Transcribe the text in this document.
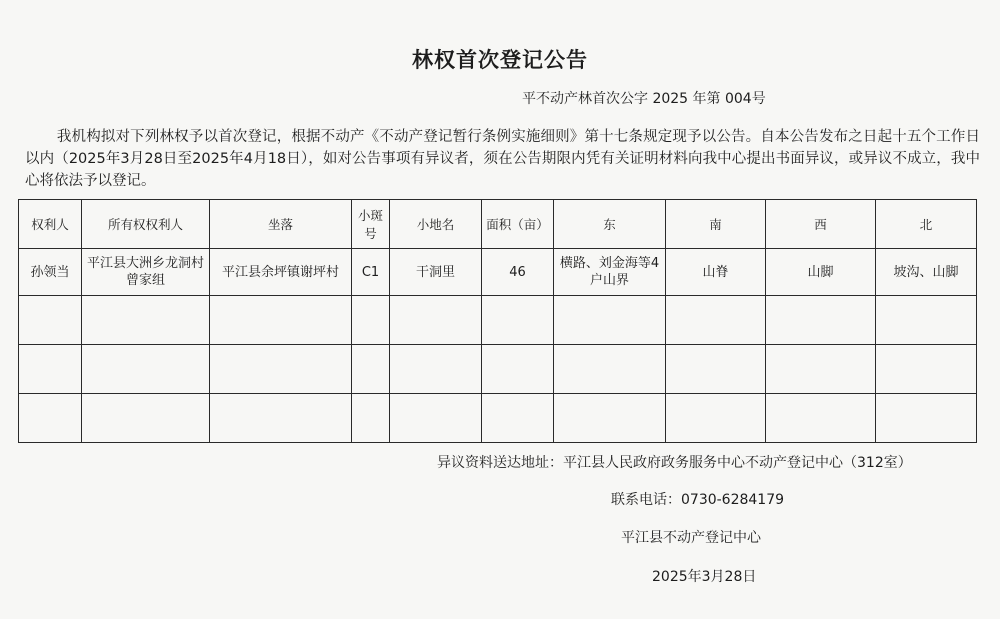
林权首次登记公告
平不动产林首次公字 2025 年第 004号
我机构拟对下列林权予以首次登记，根据不动产《不动产登记暂行条例实施细则》第十七条规定现予以公告。自本公告发布之日起十五个工作日以内（2025年3月28日至2025年4月18日），如对公告事项有异议者，须在公告期限内凭有关证明材料向我中心提出书面异议，或异议不成立，我中心将依法予以登记。
权利人	所有权权利人	坐落	小斑号	小地名	面积（亩）	东	南	西	北
孙领当	平江县大洲乡龙洞村曾家组	平江县余坪镇谢坪村	C1	干洞里	46	横路、刘金海等4户山界	山脊	山脚	坡沟、山脚

异议资料送达地址：平江县人民政府政务服务中心不动产登记中心（312室）
联系电话：0730-6284179
平江县不动产登记中心
2025年3月28日
